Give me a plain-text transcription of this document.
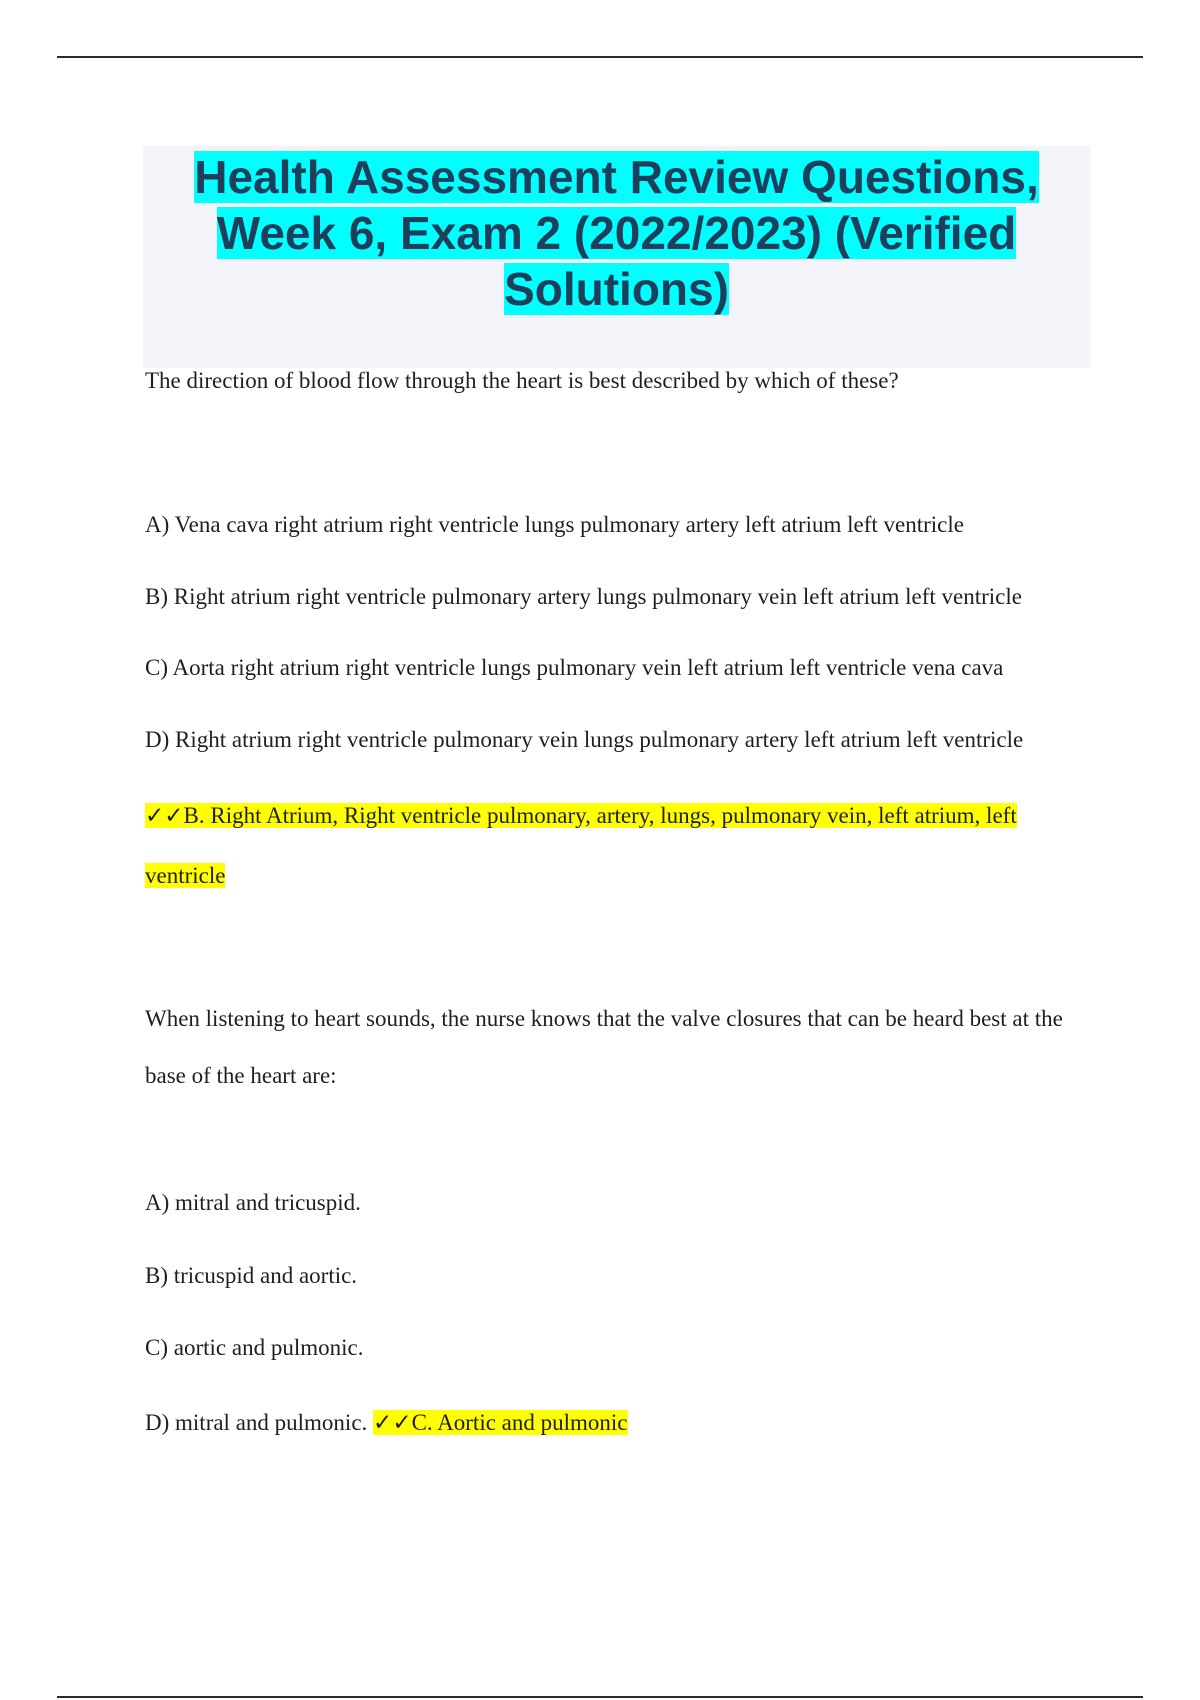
Health Assessment Review Questions, Week 6, Exam 2 (2022/2023) (Verified Solutions)
The direction of blood flow through the heart is best described by which of these?
A) Vena cava right atrium right ventricle lungs pulmonary artery left atrium left ventricle
B) Right atrium right ventricle pulmonary artery lungs pulmonary vein left atrium left ventricle
C) Aorta right atrium right ventricle lungs pulmonary vein left atrium left ventricle vena cava
D) Right atrium right ventricle pulmonary vein lungs pulmonary artery left atrium left ventricle
✓✓B. Right Atrium, Right ventricle pulmonary, artery, lungs, pulmonary vein, left atrium, left ventricle
When listening to heart sounds, the nurse knows that the valve closures that can be heard best at the base of the heart are:
A) mitral and tricuspid.
B) tricuspid and aortic.
C) aortic and pulmonic.
D) mitral and pulmonic. ✓✓C. Aortic and pulmonic
